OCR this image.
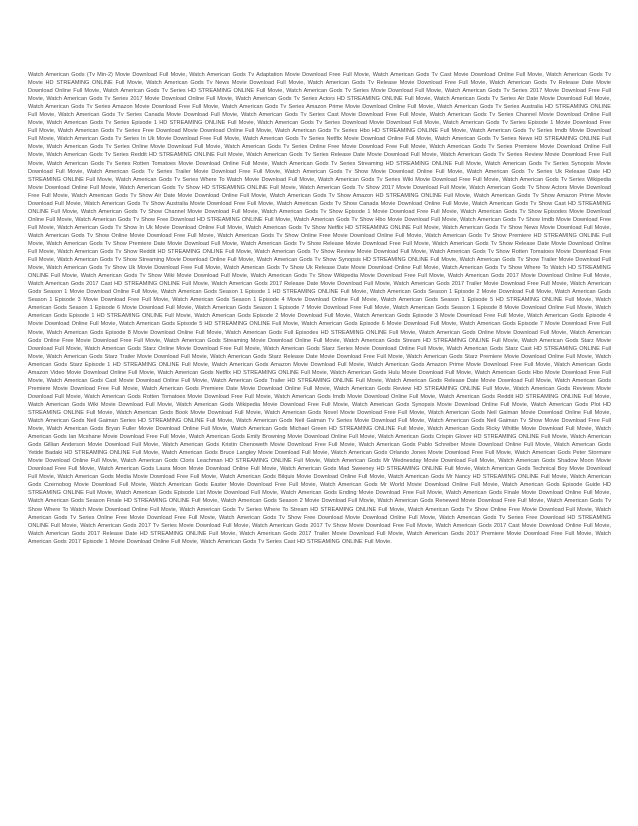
Watch American Gods (Tv Min-2) Movie Download Full Movie, Watch American Gods Tv Adaptation Movie Download Free Full Movie, Watch American Gods Tv Cast Movie Download Online Full Movie, Watch American Gods Tv Movie HD STREAMING ONLINE Full Movie, Watch American Gods Tv News Movie Download Full Movie, Watch American Gods Tv Release Movie Download Free Full Movie, Watch American Gods Tv Release Date Movie Download Online Full Movie, Watch American Gods Tv Series HD STREAMING ONLINE Full Movie, Watch American Gods Tv Series Movie Download Full Movie, Watch American Gods Tv Series 2017 Movie Download Free Full Movie, Watch American Gods Tv Series 2017 Movie Download Online Full Movie, Watch American Gods Tv Series Actors HD STREAMING ONLINE Full Movie, Watch American Gods Tv Series Air Date Movie Download Full Movie, Watch American Gods Tv Series Amazon Movie Download Free Full Movie, Watch American Gods Tv Series Amazon Prime Movie Download Online Full Movie, Watch American Gods Tv Series Australia HD STREAMING ONLINE Full Movie, Watch American Gods Tv Series Canada Movie Download Full Movie, Watch American Gods Tv Series Cast Movie Download Free Full Movie, Watch American Gods Tv Series Channel Movie Download Online Full Movie, Watch American Gods Tv Series Episode 1 HD STREAMING ONLINE Full Movie, Watch American Gods Tv Series Download Movie Download Full Movie, Watch American Gods Tv Series Episode 1 Movie Download Free Full Movie, Watch American Gods Tv Series Free Download Movie Download Online Full Movie, Watch American Gods Tv Series Hbo HD STREAMING ONLINE Full Movie, Watch American Gods Tv Series Imdb Movie Download Full Movie, Watch American Gods Tv Series In Uk Movie Download Free Full Movie, Watch American Gods Tv Series Netflix Movie Download Online Full Movie, Watch American Gods Tv Series News HD STREAMING ONLINE Full Movie, Watch American Gods Tv Series Online Movie Download Full Movie, Watch American Gods Tv Series Online Free Movie Download Free Full Movie, Watch American Gods Tv Series Premiere Movie Download Online Full Movie, Watch American Gods Tv Series Reddit HD STREAMING ONLINE Full Movie, Watch American Gods Tv Series Release Date Movie Download Full Movie, Watch American Gods Tv Series Review Movie Download Free Full Movie, Watch American Gods Tv Series Rotten Tomatoes Movie Download Online Full Movie, Watch American Gods Tv Series Streaming HD STREAMING ONLINE Full Movie, Watch American Gods Tv Series Synopsis Movie Download Full Movie, Watch American Gods Tv Series Trailer Movie Download Free Full Movie, Watch American Gods Tv Show Movie Download Online Full Movie, Watch American Gods Tv Series Uk Release Date HD STREAMING ONLINE Full Movie, Watch American Gods Tv Series Where To Watch Movie Download Full Movie, Watch American Gods Tv Series Wiki Movie Download Free Full Movie, Watch American Gods Tv Series Wikipedia Movie Download Online Full Movie, Watch American Gods Tv Show HD STREAMING ONLINE Full Movie, Watch American Gods Tv Show 2017 Movie Download Full Movie, Watch American Gods Tv Show Actors Movie Download Free Full Movie, Watch American Gods Tv Show Air Date Movie Download Online Full Movie, Watch American Gods Tv Show Amazon HD STREAMING ONLINE Full Movie, Watch American Gods Tv Show Amazon Prime Movie Download Full Movie, Watch American Gods Tv Show Australia Movie Download Free Full Movie, Watch American Gods Tv Show Canada Movie Download Online Full Movie, Watch American Gods Tv Show Cast HD STREAMING ONLINE Full Movie, Watch American Gods Tv Show Channel Movie Download Full Movie, Watch American Gods Tv Show Episode 1 Movie Download Free Full Movie, Watch American Gods Tv Show Episodes Movie Download Online Full Movie, Watch American Gods Tv Show Free Download HD STREAMING ONLINE Full Movie, Watch American Gods Tv Show Hbo Movie Download Full Movie, Watch American Gods Tv Show Imdb Movie Download Free Full Movie, Watch American Gods Tv Show In Uk Movie Download Online Full Movie, Watch American Gods Tv Show Netflix HD STREAMING ONLINE Full Movie, Watch American Gods Tv Show News Movie Download Full Movie, Watch American Gods Tv Show Online Movie Download Free Full Movie, Watch American Gods Tv Show Online Free Movie Download Online Full Movie, Watch American Gods Tv Show Premiere HD STREAMING ONLINE Full Movie, Watch American Gods Tv Show Premiere Date Movie Download Full Movie, Watch American Gods Tv Show Release Movie Download Free Full Movie, Watch American Gods Tv Show Release Date Movie Download Online Full Movie, Watch American Gods Tv Show Reddit HD STREAMING ONLINE Full Movie, Watch American Gods Tv Show Review Movie Download Full Movie, Watch American Gods Tv Show Rotten Tomatoes Movie Download Free Full Movie, Watch American Gods Tv Show Streaming Movie Download Online Full Movie, Watch American Gods Tv Show Synopsis HD STREAMING ONLINE Full Movie, Watch American Gods Tv Show Trailer Movie Download Full Movie, Watch American Gods Tv Show Uk Movie Download Free Full Movie, Watch American Gods Tv Show Uk Release Date Movie Download Online Full Movie, Watch American Gods Tv Show Where To Watch HD STREAMING ONLINE Full Movie, Watch American Gods Tv Show Wiki Movie Download Full Movie, Watch American Gods Tv Show Wikipedia Movie Download Free Full Movie, Watch American Gods 2017 Movie Download Online Full Movie, Watch American Gods 2017 Cast HD STREAMING ONLINE Full Movie, Watch American Gods 2017 Release Date Movie Download Full Movie, Watch American Gods 2017 Trailer Movie Download Free Full Movie, Watch American Gods Season 1 Movie Download Online Full Movie, Watch American Gods Season 1 Episode 1 HD STREAMING ONLINE Full Movie, Watch American Gods Season 1 Episode 2 Movie Download Full Movie, Watch American Gods Season 1 Episode 3 Movie Download Free Full Movie, Watch American Gods Season 1 Episode 4 Movie Download Online Full Movie, Watch American Gods Season 1 Episode 5 HD STREAMING ONLINE Full Movie, Watch American Gods Season 1 Episode 6 Movie Download Full Movie, Watch American Gods Season 1 Episode 7 Movie Download Free Full Movie, Watch American Gods Season 1 Episode 8 Movie Download Online Full Movie, Watch American Gods Episode 1 HD STREAMING ONLINE Full Movie, Watch American Gods Episode 2 Movie Download Full Movie, Watch American Gods Episode 3 Movie Download Free Full Movie, Watch American Gods Episode 4 Movie Download Online Full Movie, Watch American Gods Episode 5 HD STREAMING ONLINE Full Movie, Watch American Gods Episode 6 Movie Download Full Movie, Watch American Gods Episode 7 Movie Download Free Full Movie, Watch American Gods Episode 8 Movie Download Online Full Movie, Watch American Gods Full Episodes HD STREAMING ONLINE Full Movie, Watch American Gods Online Movie Download Full Movie, Watch American Gods Online Free Movie Download Free Full Movie, Watch American Gods Streaming Movie Download Online Full Movie, Watch American Gods Stream HD STREAMING ONLINE Full Movie, Watch American Gods Starz Movie Download Full Movie, Watch American Gods Starz Online Movie Download Free Full Movie, Watch American Gods Starz Series Movie Download Online Full Movie, Watch American Gods Starz Cast HD STREAMING ONLINE Full Movie, Watch American Gods Starz Trailer Movie Download Full Movie, Watch American Gods Starz Release Date Movie Download Free Full Movie, Watch American Gods Starz Premiere Movie Download Online Full Movie, Watch American Gods Starz Episode 1 HD STREAMING ONLINE Full Movie, Watch American Gods Amazon Movie Download Full Movie, Watch American Gods Amazon Prime Movie Download Free Full Movie, Watch American Gods Amazon Video Movie Download Online Full Movie, Watch American Gods Netflix HD STREAMING ONLINE Full Movie, Watch American Gods Hulu Movie Download Full Movie, Watch American Gods Hbo Movie Download Free Full Movie, Watch American Gods Cast Movie Download Online Full Movie, Watch American Gods Trailer HD STREAMING ONLINE Full Movie, Watch American Gods Release Date Movie Download Full Movie, Watch American Gods Premiere Movie Download Free Full Movie, Watch American Gods Premiere Date Movie Download Online Full Movie, Watch American Gods Review HD STREAMING ONLINE Full Movie, Watch American Gods Reviews Movie Download Full Movie, Watch American Gods Rotten Tomatoes Movie Download Free Full Movie, Watch American Gods Imdb Movie Download Online Full Movie, Watch American Gods Reddit HD STREAMING ONLINE Full Movie, Watch American Gods Wiki Movie Download Full Movie, Watch American Gods Wikipedia Movie Download Free Full Movie, Watch American Gods Synopsis Movie Download Online Full Movie, Watch American Gods Plot HD STREAMING ONLINE Full Movie, Watch American Gods Book Movie Download Full Movie, Watch American Gods Novel Movie Download Free Full Movie, Watch American Gods Neil Gaiman Movie Download Online Full Movie, Watch American Gods Neil Gaiman Series HD STREAMING ONLINE Full Movie, Watch American Gods Neil Gaiman Tv Series Movie Download Full Movie, Watch American Gods Neil Gaiman Tv Show Movie Download Free Full Movie, Watch American Gods Bryan Fuller Movie Download Online Full Movie, Watch American Gods Michael Green HD STREAMING ONLINE Full Movie, Watch American Gods Ricky Whittle Movie Download Full Movie, Watch American Gods Ian Mcshane Movie Download Free Full Movie, Watch American Gods Emily Browning Movie Download Online Full Movie, Watch American Gods Crispin Glover HD STREAMING ONLINE Full Movie, Watch American Gods Gillian Anderson Movie Download Full Movie, Watch American Gods Kristin Chenoweth Movie Download Free Full Movie, Watch American Gods Pablo Schreiber Movie Download Online Full Movie, Watch American Gods Yetide Badaki HD STREAMING ONLINE Full Movie, Watch American Gods Bruce Langley Movie Download Full Movie, Watch American Gods Orlando Jones Movie Download Free Full Movie, Watch American Gods Peter Stormare Movie Download Online Full Movie, Watch American Gods Cloris Leachman HD STREAMING ONLINE Full Movie, Watch American Gods Mr Wednesday Movie Download Full Movie, Watch American Gods Shadow Moon Movie Download Free Full Movie, Watch American Gods Laura Moon Movie Download Online Full Movie, Watch American Gods Mad Sweeney HD STREAMING ONLINE Full Movie, Watch American Gods Technical Boy Movie Download Full Movie, Watch American Gods Media Movie Download Free Full Movie, Watch American Gods Bilquis Movie Download Online Full Movie, Watch American Gods Mr Nancy HD STREAMING ONLINE Full Movie, Watch American Gods Czernobog Movie Download Full Movie, Watch American Gods Easter Movie Download Free Full Movie, Watch American Gods Mr World Movie Download Online Full Movie, Watch American Gods Episode Guide HD STREAMING ONLINE Full Movie, Watch American Gods Episode List Movie Download Full Movie, Watch American Gods Ending Movie Download Free Full Movie, Watch American Gods Finale Movie Download Online Full Movie, Watch American Gods Season Finale HD STREAMING ONLINE Full Movie, Watch American Gods Season 2 Movie Download Full Movie, Watch American Gods Renewed Movie Download Free Full Movie, Watch American Gods Tv Show Where To Watch Movie Download Online Full Movie, Watch American Gods Tv Series Where To Stream HD STREAMING ONLINE Full Movie, Watch American Gods Tv Show Online Free Movie Download Full Movie, Watch American Gods Tv Series Online Free Movie Download Free Full Movie, Watch American Gods Tv Show Free Download Movie Download Online Full Movie, Watch American Gods Tv Series Free Download HD STREAMING ONLINE Full Movie, Watch American Gods 2017 Tv Series Movie Download Full Movie, Watch American Gods 2017 Tv Show Movie Download Free Full Movie, Watch American Gods 2017 Cast Movie Download Online Full Movie, Watch American Gods 2017 Release Date HD STREAMING ONLINE Full Movie, Watch American Gods 2017 Trailer Movie Download Full Movie, Watch American Gods 2017 Premiere Movie Download Free Full Movie, Watch American Gods 2017 Episode 1 Movie Download Online Full Movie, Watch American Gods Tv Series Cast HD STREAMING ONLINE Full Movie.
